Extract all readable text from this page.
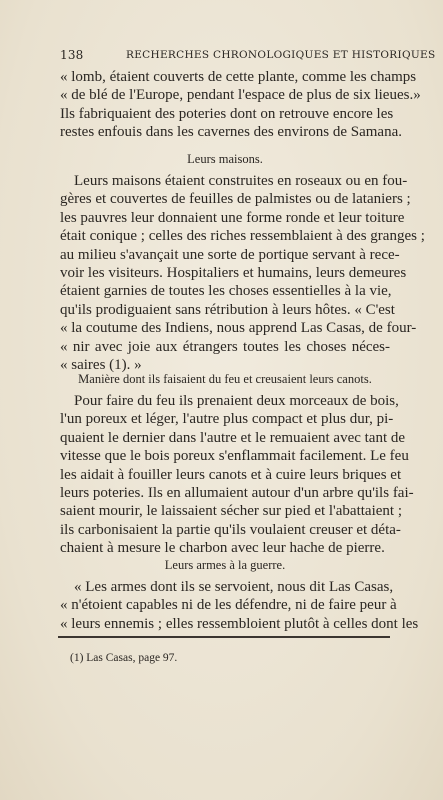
138	RECHERCHES CHRONOLOGIQUES ET HISTORIQUES
« lomb, étaient couverts de cette plante, comme les champs
« de blé de l'Europe, pendant l'espace de plus de six lieues.»
Ils fabriquaient des poteries dont on retrouve encore les
restes enfouis dans les cavernes des environs de Samana.
Leurs maisons.
Leurs maisons étaient construites en roseaux ou en fou-
gères et couvertes de feuilles de palmistes ou de lataniers ;
les pauvres leur donnaient une forme ronde et leur toiture
était conique ; celles des riches ressemblaient à des granges ;
au milieu s'avançait une sorte de portique servant à rece-
voir les visiteurs. Hospitaliers et humains, leurs demeures
étaient garnies de toutes les choses essentielles à la vie,
qu'ils prodiguaient sans rétribution à leurs hôtes. « C'est
« la coutume des Indiens, nous apprend Las Casas, de four-
« nir avec joie aux étrangers toutes les choses néces-
« saires (1). »
Manière dont ils faisaient du feu et creusaient leurs canots.
Pour faire du feu ils prenaient deux morceaux de bois,
l'un poreux et léger, l'autre plus compact et plus dur, pi-
quaient le dernier dans l'autre et le remuaient avec tant de
vitesse que le bois poreux s'enflammait facilement. Le feu
les aidait à fouiller leurs canots et à cuire leurs briques et
leurs poteries. Ils en allumaient autour d'un arbre qu'ils fai-
saient mourir, le laissaient sécher sur pied et l'abattaient ;
ils carbonisaient la partie qu'ils voulaient creuser et déta-
chaient à mesure le charbon avec leur hache de pierre.
Leurs armes à la guerre.
« Les armes dont ils se servoient, nous dit Las Casas,
« n'étoient capables ni de les défendre, ni de faire peur à
« leurs ennemis ; elles ressembloient plutôt à celles dont les
(1) Las Casas, page 97.
